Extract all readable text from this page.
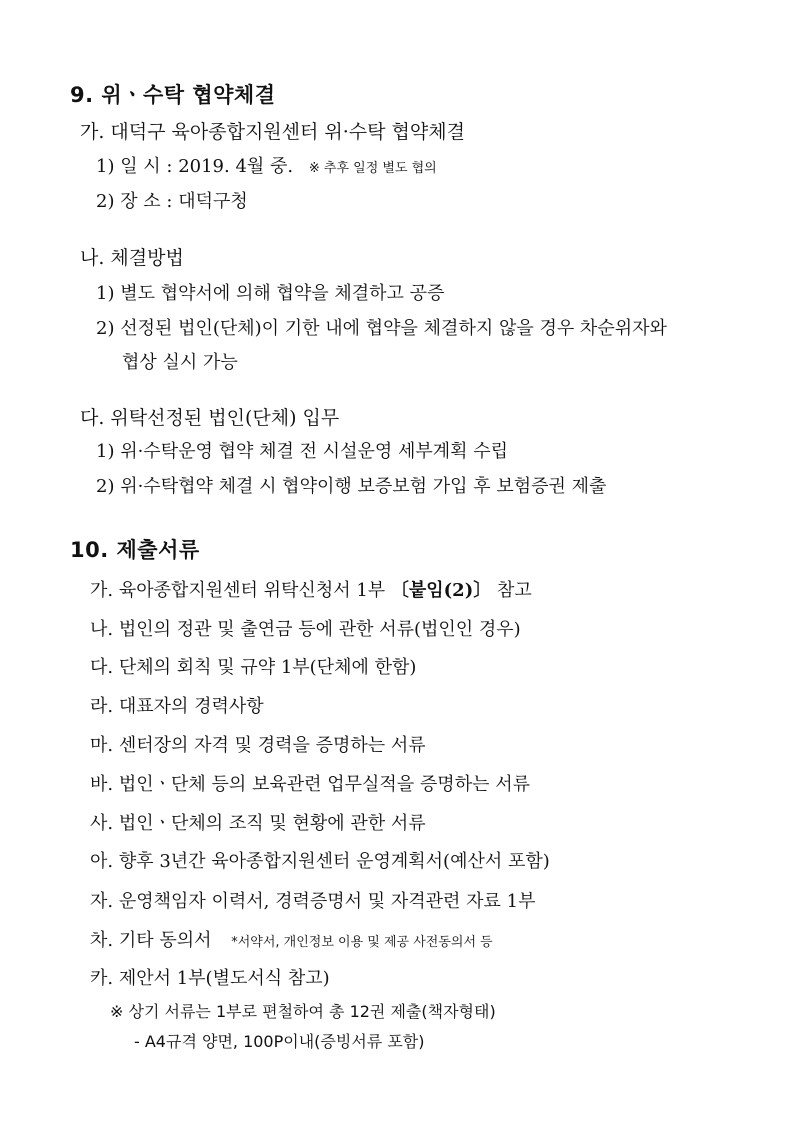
9. 위ㆍ수탁 협약체결
가. 대덕구 육아종합지원센터 위·수탁 협약체결
1) 일 시 : 2019. 4월 중. ※ 추후 일정 별도 협의
2) 장 소 : 대덕구청
나. 체결방법
1) 별도 협약서에 의해 협약을 체결하고 공증
2) 선정된 법인(단체)이 기한 내에 협약을 체결하지 않을 경우 차순위자와
협상 실시 가능
다. 위탁선정된 법인(단체) 입무
1) 위·수탁운영 협약 체결 전 시설운영 세부계획 수립
2) 위·수탁협약 체결 시 협약이행 보증보험 가입 후 보험증권 제출
10. 제출서류
가. 육아종합지원센터 위탁신청서 1부 〔붙임(2)〕 참고
나. 법인의 정관 및 출연금 등에 관한 서류(법인인 경우)
다. 단체의 회칙 및 규약 1부(단체에 한함)
라. 대표자의 경력사항
마. 센터장의 자격 및 경력을 증명하는 서류
바. 법인ㆍ단체 등의 보육관련 업무실적을 증명하는 서류
사. 법인ㆍ단체의 조직 및 현황에 관한 서류
아. 향후 3년간 육아종합지원센터 운영계획서(예산서 포함)
자. 운영책임자 이력서, 경력증명서 및 자격관련 자료 1부
차. 기타 동의서 *서약서, 개인정보 이용 및 제공 사전동의서 등
카. 제안서 1부(별도서식 참고)
※ 상기 서류는 1부로 편철하여 총 12권 제출(책자형태)
- A4규격 양면, 100P이내(증빙서류 포함)
